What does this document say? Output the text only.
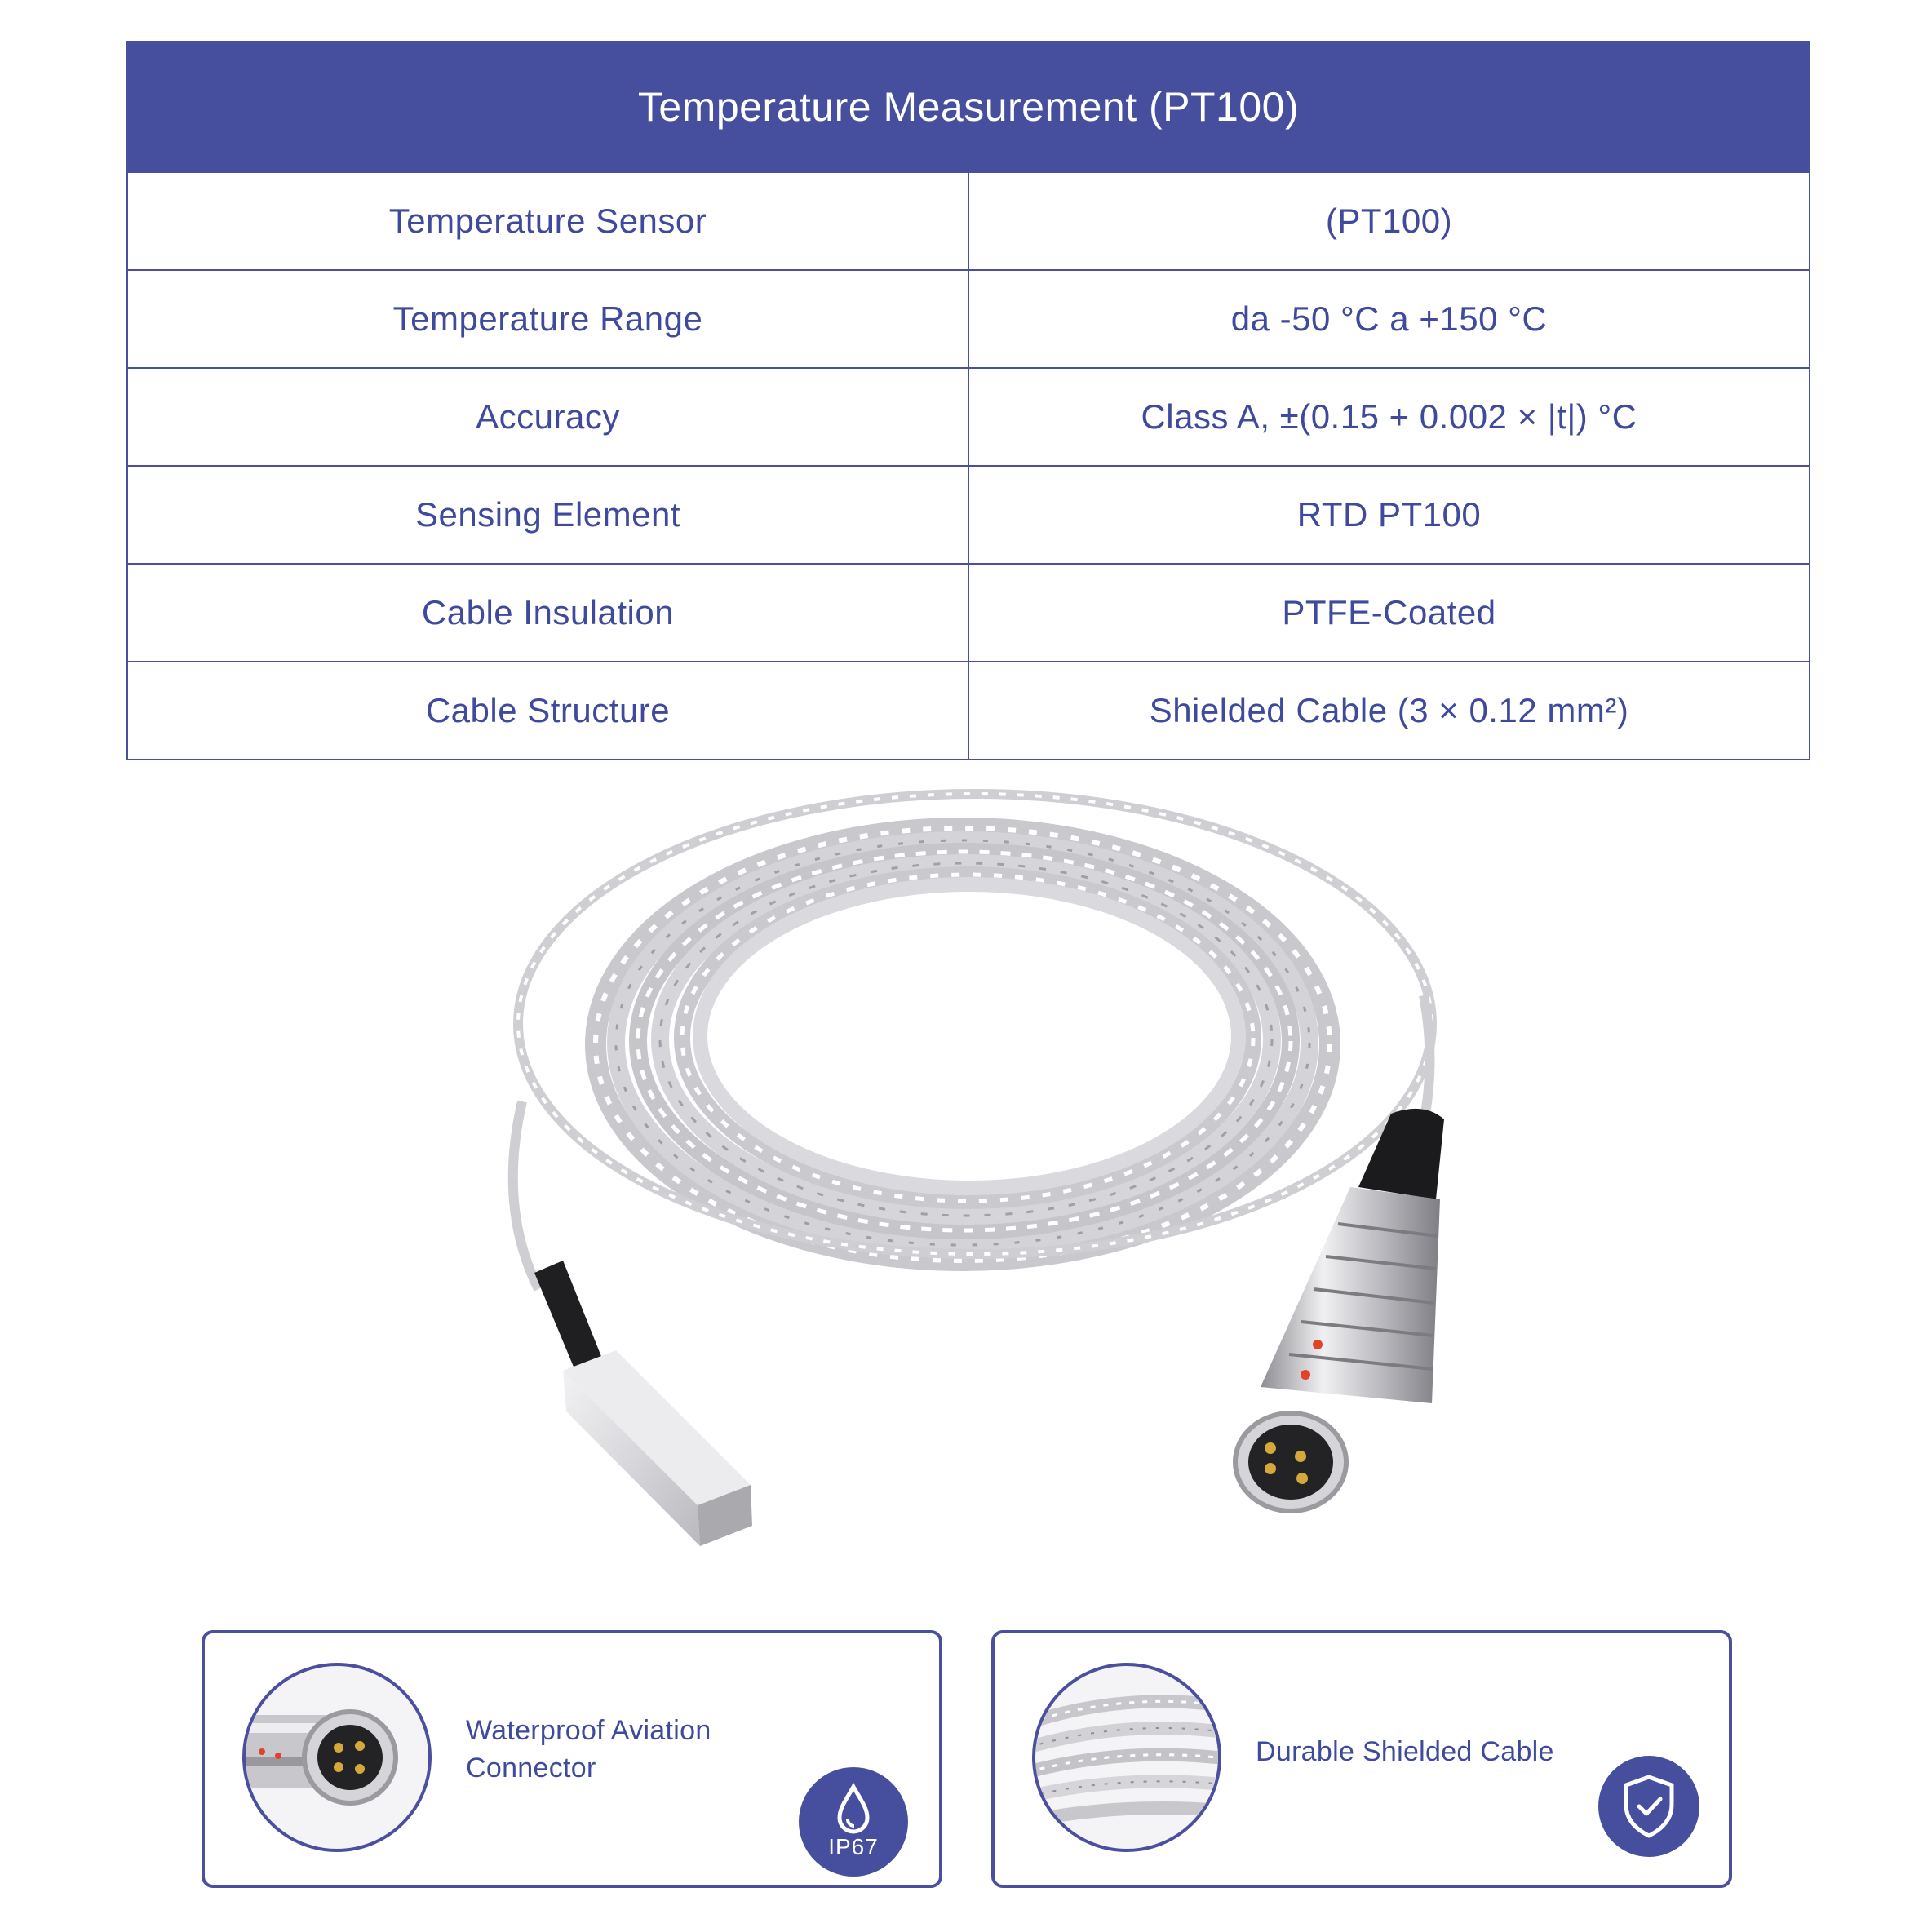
Temperature Measurement (PT100)
Temperature Sensor	(PT100)
Temperature Range	da -50 °C a +150 °C
Accuracy	Class A, ±(0.15 + 0.002 × |t|) °C
Sensing Element	RTD PT100
Cable Insulation	PTFE-Coated
Cable Structure	Shielded Cable (3 × 0.12 mm²)
Waterproof Aviation Connector
IP67
Durable Shielded Cable
